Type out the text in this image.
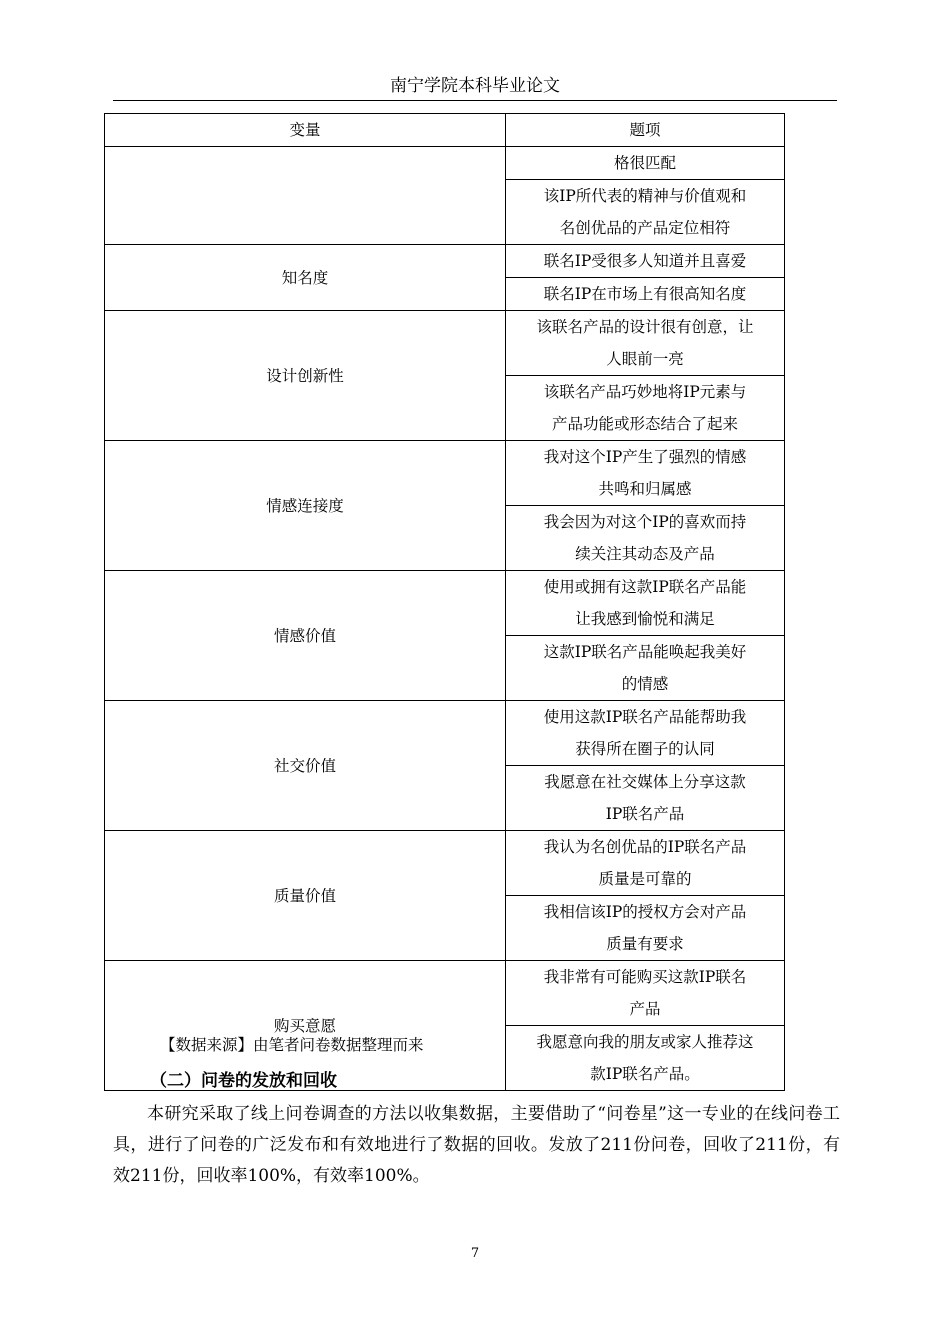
南宁学院本科毕业论文
变量	题项
	格很匹配
	该IP所代表的精神与价值观和名创优品的产品定位相符
知名度	联名IP受很多人知道并且喜爱
	联名IP在市场上有很高知名度
设计创新性	该联名产品的设计很有创意，让人眼前一亮
	该联名产品巧妙地将IP元素与产品功能或形态结合了起来
情感连接度	我对这个IP产生了强烈的情感共鸣和归属感
	我会因为对这个IP的喜欢而持续关注其动态及产品
情感价值	使用或拥有这款IP联名产品能让我感到愉悦和满足
	这款IP联名产品能唤起我美好的情感
社交价值	使用这款IP联名产品能帮助我获得所在圈子的认同
	我愿意在社交媒体上分享这款IP联名产品
质量价值	我认为名创优品的IP联名产品质量是可靠的
	我相信该IP的授权方会对产品质量有要求
购买意愿	我非常有可能购买这款IP联名产品
	我愿意向我的朋友或家人推荐这款IP联名产品。
【数据来源】由笔者问卷数据整理而来
（二）问卷的发放和回收
本研究采取了线上问卷调查的方法以收集数据，主要借助了“问卷星”这一专业的在线问卷工具，进行了问卷的广泛发布和有效地进行了数据的回收。发放了211份问卷，回收了211份，有效211份，回收率100%，有效率100%。
7
